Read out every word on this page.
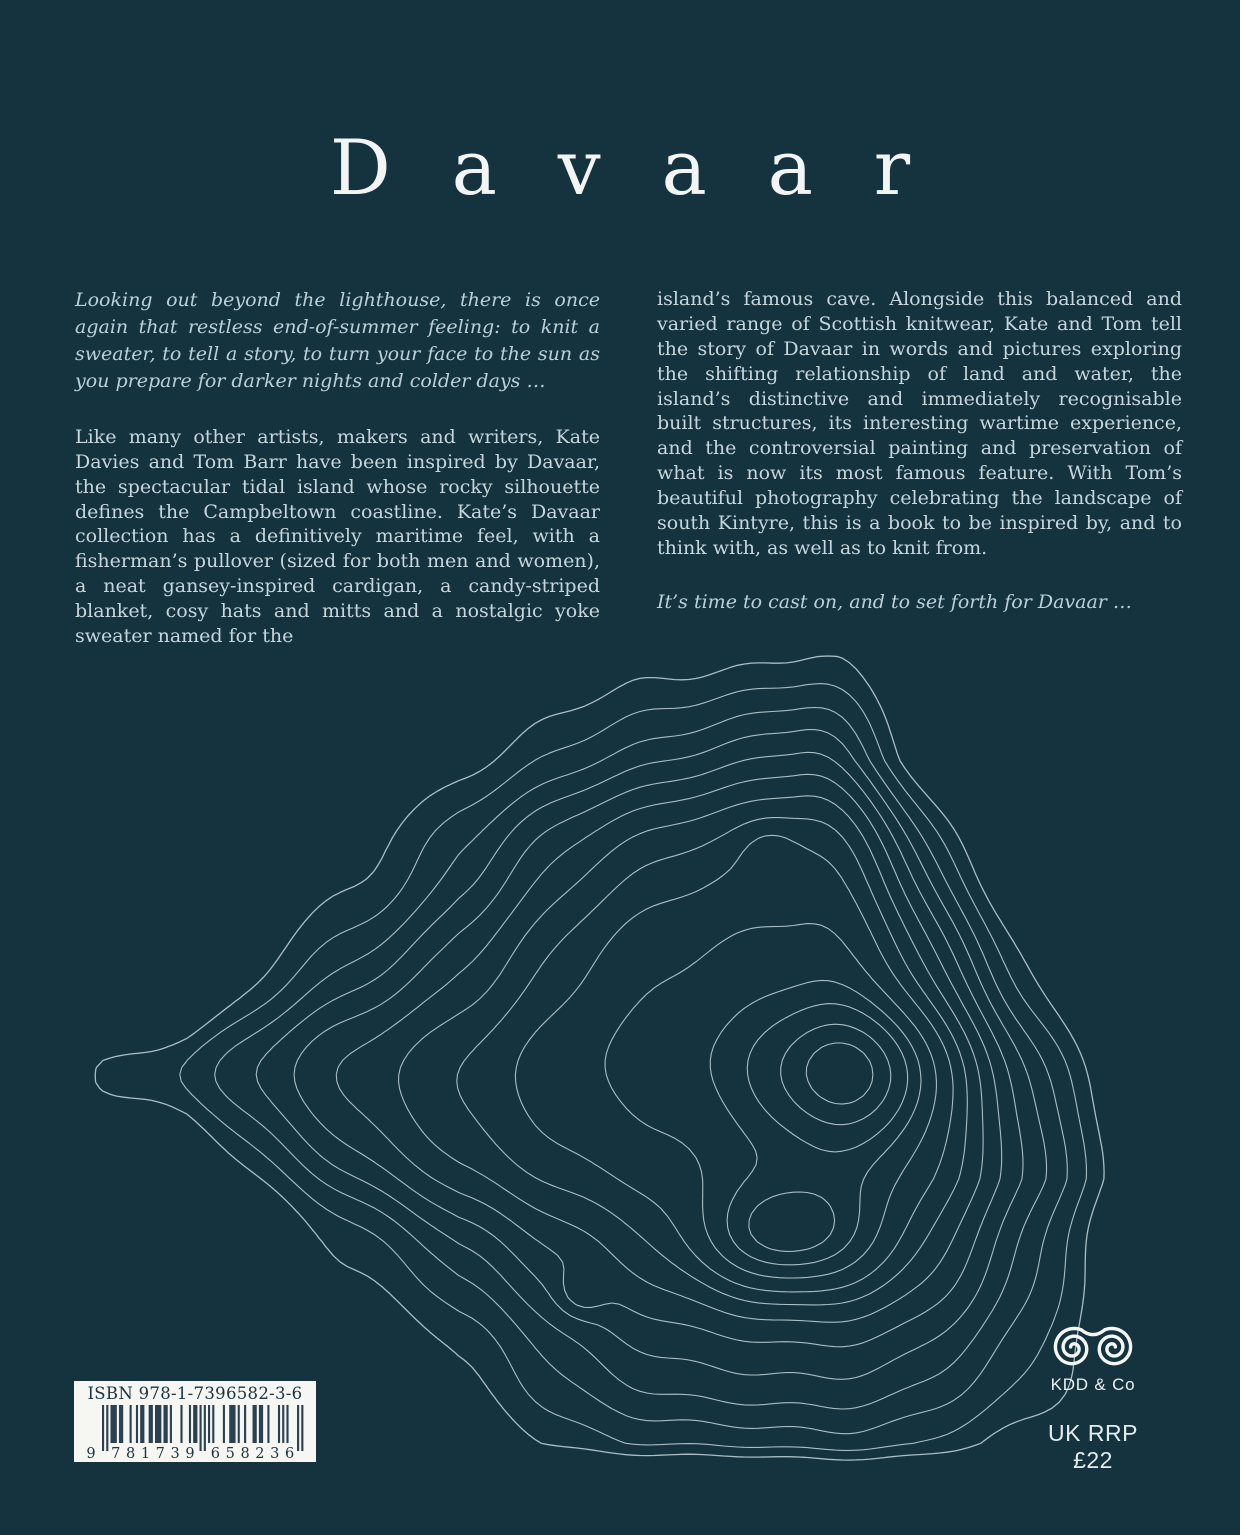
Davaar

Looking out beyond the lighthouse, there is once again that restless end-of-summer feeling: to knit a sweater, to tell a story, to turn your face to the sun as you prepare for darker nights and colder days …

Like many other artists, makers and writers, Kate Davies and Tom Barr have been inspired by Davaar, the spectacular tidal island whose rocky silhouette defines the Campbeltown coastline. Kate’s Davaar collection has a definitively maritime feel, with a fisherman’s pullover (sized for both men and women), a neat gansey-inspired cardigan, a candy-striped blanket, cosy hats and mitts and a nostalgic yoke sweater named for the

island’s famous cave. Alongside this balanced and varied range of Scottish knitwear, Kate and Tom tell the story of Davaar in words and pictures exploring the shifting relationship of land and water, the island’s distinctive and immediately recognisable built structures, its interesting wartime experience, and the controversial painting and preservation of what is now its most famous feature. With Tom’s beautiful photography celebrating the landscape of south Kintyre, this is a book to be inspired by, and to think with, as well as to knit from.

It’s time to cast on, and to set forth for Davaar …

ISBN 978-1-7396582-3-6
9 7 8 1 7 3 9 6 5 8 2 3 6
KDD & Co
UK RRP £22
